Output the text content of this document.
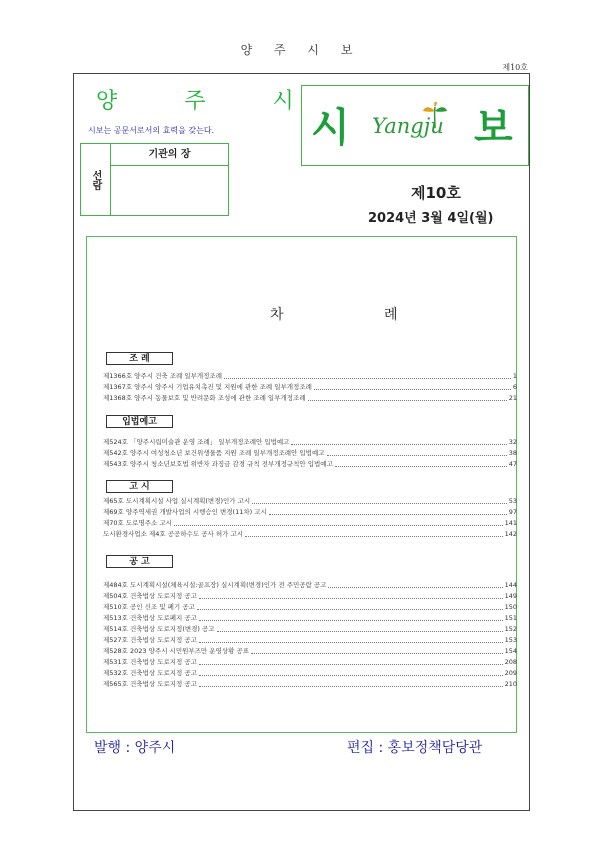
양 주 시 보
제10호
양 주 시
시보는 공문서로서의 효력을 갖는다.
선람
기관의 장
시 Yangju 보
제10호
2024년 3월 4일(월)
차 례
조 례
제1366호 양주시 건축 조례 일부개정조례	1
제1367호 양주시 양주시 기업유치촉진 및 지원에 관한 조례 일부개정조례	6
제1368호 양주시 동물보호 및 반려문화 조성에 관한 조례 일부개정조례	21
입법예고
제524호 「양주시립미술관 운영 조례」 일부개정조례안 입법예고	32
제542호 양주시 여성청소년 보건위생물품 지원 조례 일부개정조례안 입법예고	38
제543호 양주시 청소년보호법 위반자 과징금 감경 규칙 전부개정규칙안 입법예고	47
고 시
제65호 도시계획시설 사업 실시계획(변경)인가 고시	53
제69호 양주역세권 개발사업의 시행승인 변경(11차) 고시	97
제70호 도로명주소 고시	141
도시환경사업소 제4호 공공하수도 공사 허가 고시	142
공 고
제484호 도시계획시설(체육시설:골프장) 실시계획(변경)인가 전 주민공람 공고	144
제504호 건축법상 도로지정 공고	149
제510호 공인 신조 및 폐기 공고	150
제513호 건축법상 도로폐지 공고	151
제514호 건축법상 도로지정(변경) 공고	152
제527호 건축법상 도로지정 공고	153
제528호 2023 양주시 시민원부즈만 운영상황 공표	154
제531호 건축법상 도로지정 공고	208
제532호 건축법상 도로지정 공고	209
제565호 건축법상 도로지정 공고	210
발행 : 양주시	편집 : 홍보정책담당관
